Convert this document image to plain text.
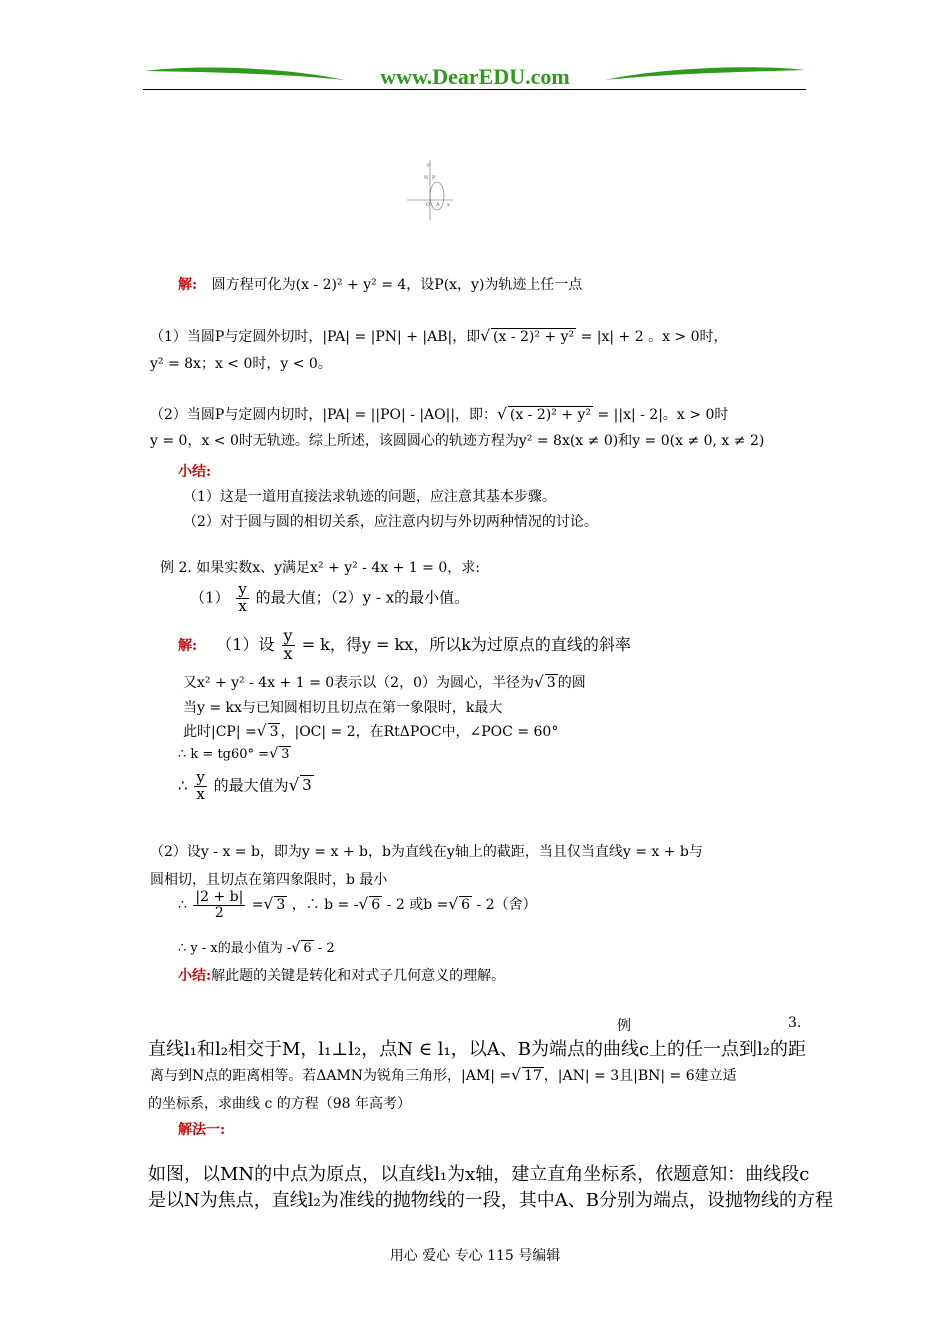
www.DearEDU.com
y
N P
O A x
解: 圆方程可化为(x - 2)² + y² = 4，设P(x，y)为轨迹上任一点
（1）当圆P与定圆外切时，|PA| = |PN| + |AB|，即√ (x - 2)² + y² = |x| + 2 。x > 0时，
y² = 8x；x < 0时，y < 0。
（2）当圆P与定圆内切时，|PA| = ||PO| - |AO||，即：√ (x - 2)² + y² = ||x| - 2|。x > 0时
y = 0，x < 0时无轨迹。综上所述，该圆圆心的轨迹方程为y² = 8x(x ≠ 0)和y = 0(x ≠ 0, x ≠ 2)
小结:
（1）这是一道用直接法求轨迹的问题，应注意其基本步骤。
（2）对于圆与圆的相切关系，应注意内切与外切两种情况的讨论。
例 2. 如果实数x、y满足x² + y² - 4x + 1 = 0，求:
$(1) \frac{y}{x}$ 的最大值；（2）y - x的最小值。
解: （1）设 $\frac{y}{x} = k$，得y = kx，所以k为过原点的直线的斜率
又x² + y² - 4x + 1 = 0表示以（2，0）为圆心，半径为√ 3 的圆
当y = kx与已知圆相切且切点在第一象限时，k最大
此时|CP| =√ 3 ，|OC| = 2，在RtΔPOC中，∠POC = 60°
∴ k = tg60° =√ 3
∴ $\frac{y}{x}$ 的最大值为√ 3
（2）设y - x = b，即为y = x + b，b为直线在y轴上的截距，当且仅当直线y = x + b与
圆相切，且切点在第四象限时，b 最小
∴ $\frac{|2 + b|}{2}$ =√ 3 ，∴ b = -√ 6 - 2 或b =√ 6 - 2（舍）
∴ y - x的最小值为 -√ 6 - 2
小结:解此题的关键是转化和对式子几何意义的理解。
例	3.
直线l₁和l₂相交于M，l₁⊥l₂，点N ∈ l₁，以A、B为端点的曲线c上的任一点到l₂的距
离与到N点的距离相等。若ΔAMN为锐角三角形，|AM| =√ 17 ，|AN| = 3且|BN| = 6建立适
的坐标系，求曲线 c 的方程（98 年高考）
解法一:
如图，以MN的中点为原点，以直线l₁为x轴，建立直角坐标系，依题意知：曲线段c
是以N为焦点，直线l₂为准线的抛物线的一段，其中A、B分别为端点，设抛物线的方程
用心 爱心 专心 115 号编辑
